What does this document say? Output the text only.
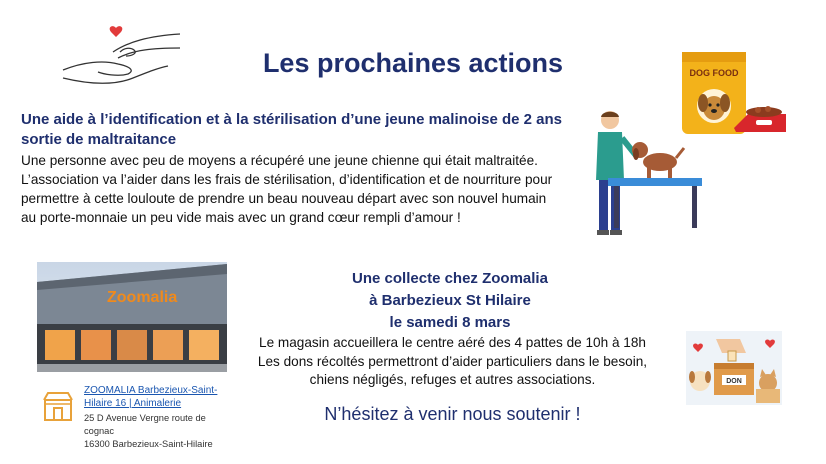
Les prochaines actions	DOG FOOD
Une aide à l’identification et à la stérilisation d’une jeune malinoise de 2 ans
sortie de maltraitance
Une personne avec peu de moyens a récupéré une jeune chienne qui était maltraitée.
L’association va l’aider dans les frais de stérilisation, d’identification et de nourriture pour
permettre à cette louloute de prendre un beau nouveau départ avec son nouvel humain
au porte-monnaie un peu vide mais avec un grand cœur rempli d’amour !
Zoomalia
ZOOMALIA Barbezieux-Saint-Hilaire 16 | Animalerie
25 D Avenue Vergne route de
cognac
16300 Barbezieux-Saint-Hilaire
Une collecte chez Zoomalia
à Barbezieux St Hilaire
le samedi 8 mars
Le magasin accueillera le centre aéré des 4 pattes de 10h à 18h
Les dons récoltés permettront d’aider particuliers dans le besoin,
chiens négligés, refuges et autres associations.
N’hésitez à venir nous soutenir !
DON
